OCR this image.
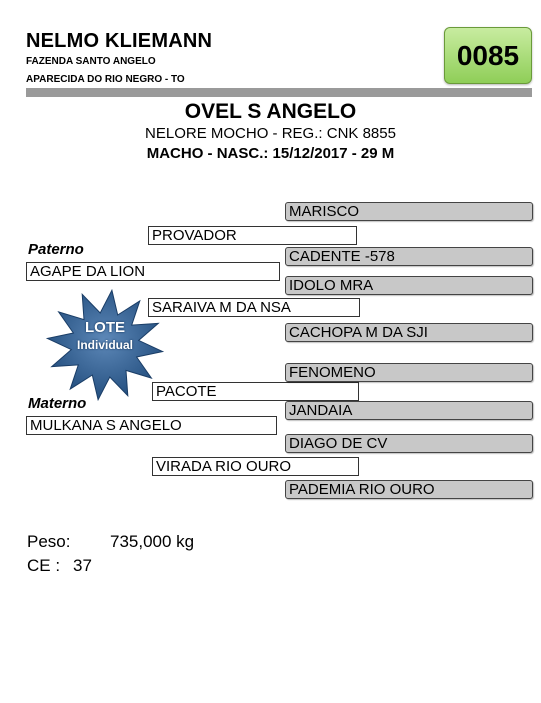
NELMO KLIEMANN
FAZENDA SANTO ANGELO
APARECIDA DO RIO NEGRO - TO
0085
OVEL S ANGELO
NELORE MOCHO - REG.: CNK 8855
MACHO - NASC.: 15/12/2017 - 29 M
LOTE
Individual
Paterno
Materno
AGAPE DA LION
MULKANA S ANGELO
PROVADOR
SARAIVA M DA NSA
PACOTE
VIRADA RIO OURO
MARISCO
CADENTE -578
IDOLO MRA
CACHOPA M DA SJI
FENOMENO
JANDAIA
DIAGO DE CV
PADEMIA RIO OURO
Peso: 735,000 kg
CE : 37
